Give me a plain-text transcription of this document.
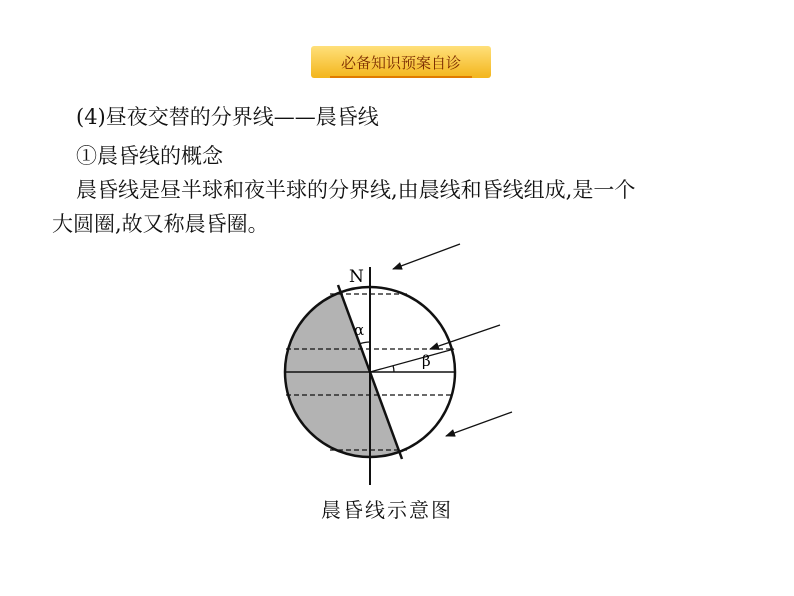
必备知识预案自诊
(4)昼夜交替的分界线——晨昏线
①晨昏线的概念
晨昏线是昼半球和夜半球的分界线,由晨线和昏线组成,是一个
大圆圈,故又称晨昏圈。
N
α
β
晨昏线示意图
